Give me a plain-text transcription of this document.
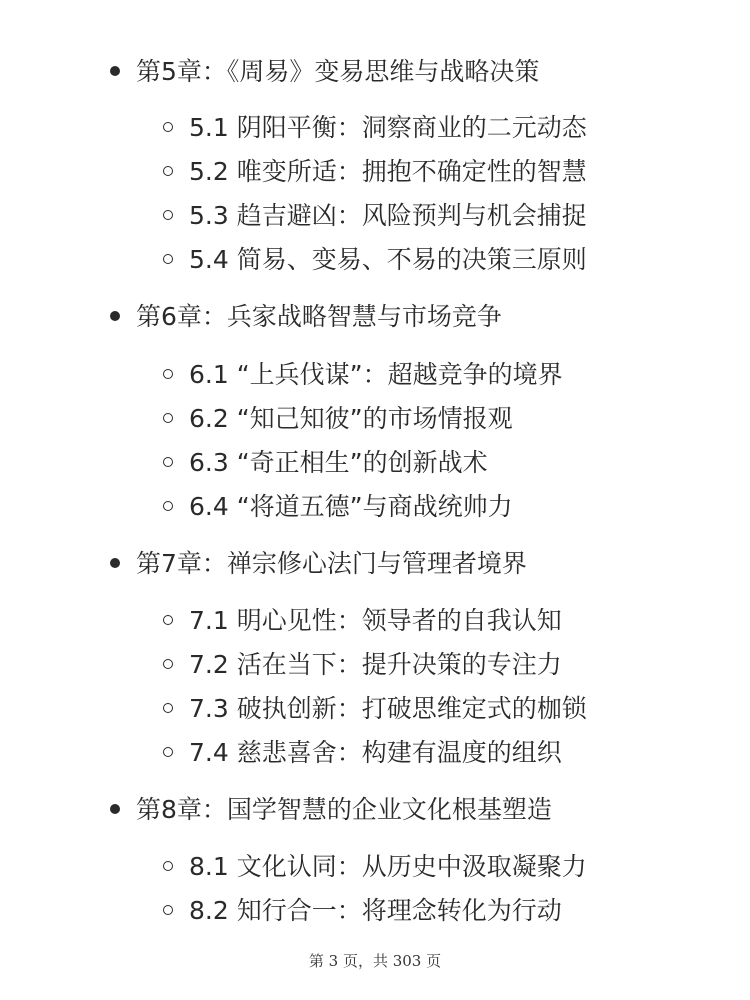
第5章：《周易》变易思维与战略决策
5.1 阴阳平衡：洞察商业的二元动态
5.2 唯变所适：拥抱不确定性的智慧
5.3 趋吉避凶：风险预判与机会捕捉
5.4 简易、变易、不易的决策三原则
第6章：兵家战略智慧与市场竞争
6.1 “上兵伐谋”：超越竞争的境界
6.2 “知己知彼”的市场情报观
6.3 “奇正相生”的创新战术
6.4 “将道五德”与商战统帅力
第7章：禅宗修心法门与管理者境界
7.1 明心见性：领导者的自我认知
7.2 活在当下：提升决策的专注力
7.3 破执创新：打破思维定式的枷锁
7.4 慈悲喜舍：构建有温度的组织
第8章：国学智慧的企业文化根基塑造
8.1 文化认同：从历史中汲取凝聚力
8.2 知行合一：将理念转化为行动
第 3 页，共 303 页
